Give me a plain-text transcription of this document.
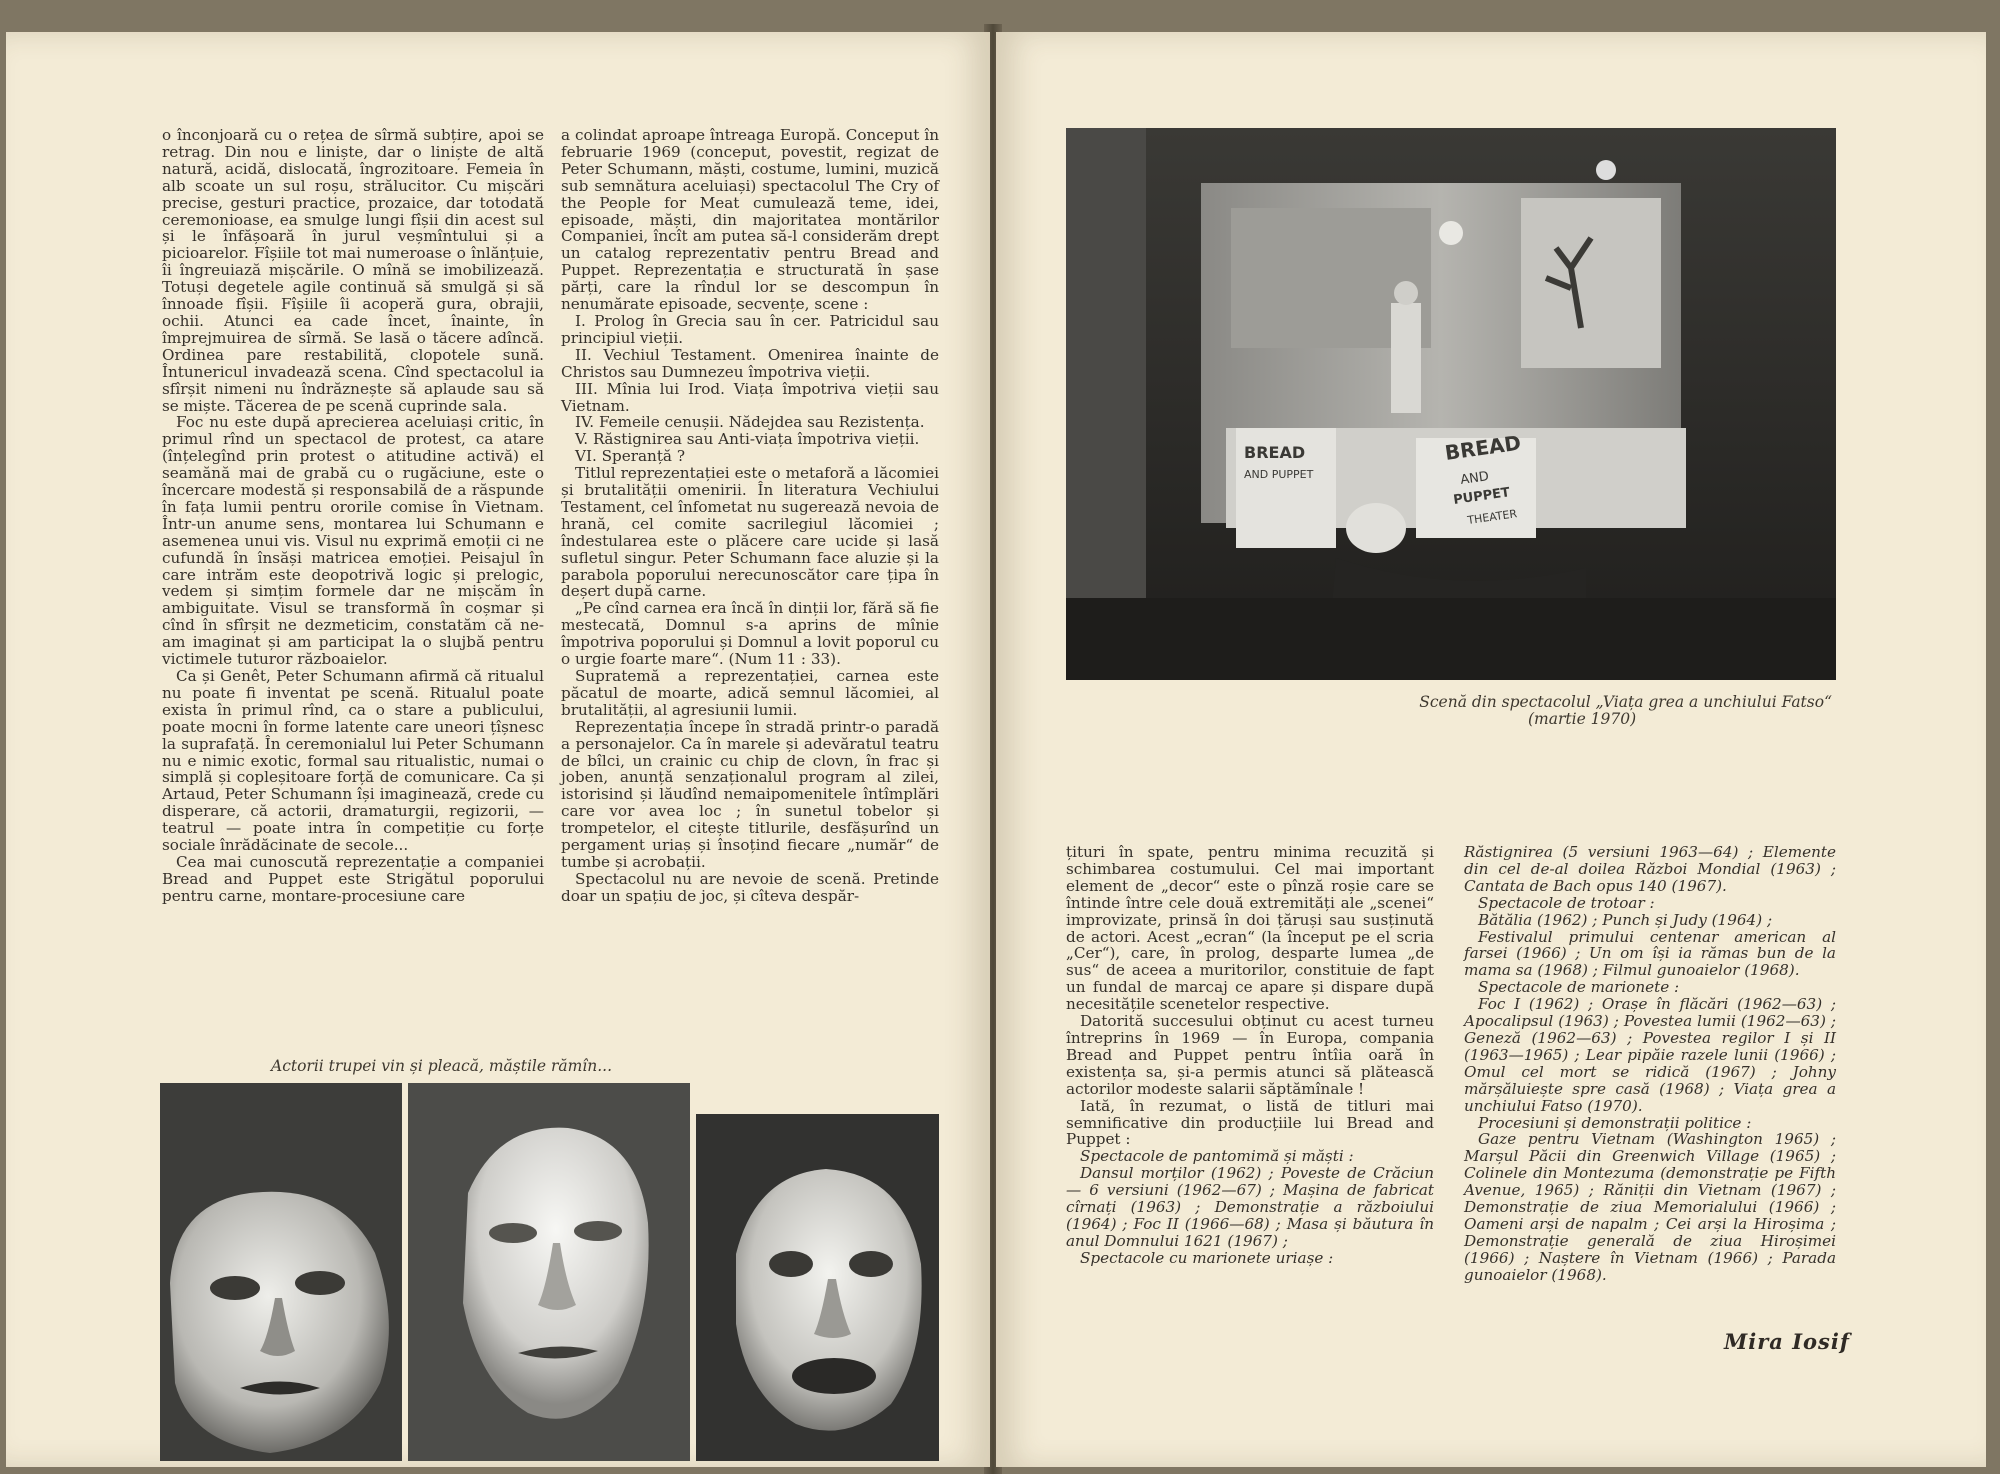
o înconjoară cu o rețea de sîrmă subțire, apoi se retrag. Din nou e liniște, dar o liniște de altă natură, acidă, dislocată, îngrozitoare. Femeia în alb scoate un sul roșu, strălucitor. Cu mișcări precise, gesturi practice, prozaice, dar totodată ceremonioase, ea smulge lungi fîșii din acest sul și le înfășoară în jurul veșmîntului și a picioarelor. Fîșiile tot mai numeroase o înlănțuie, îi îngreuiază mișcările. O mînă se imobilizează. Totuși degetele agile continuă să smulgă și să înnoade fîșii. Fîșiile îi acoperă gura, obrajii, ochii. Atunci ea cade încet, înainte, în împrejmuirea de sîrmă. Se lasă o tăcere adîncă. Ordinea pare restabilită, clopotele sună. Întunericul invadează scena. Cînd spectacolul ia sfîrșit nimeni nu îndrăznește să aplaude sau să se miște. Tăcerea de pe scenă cuprinde sala.

Foc nu este după aprecierea aceluiași critic, în primul rînd un spectacol de protest, ca atare (înțelegînd prin protest o atitudine activă) el seamănă mai de grabă cu o rugăciune, este o încercare modestă și responsabilă de a răspunde în fața lumii pentru ororile comise în Vietnam. Într-un anume sens, montarea lui Schumann e asemenea unui vis. Visul nu exprimă emoții ci ne cufundă în însăși matricea emoției. Peisajul în care intrăm este deopotrivă logic și prelogic, vedem și simțim formele dar ne mișcăm în ambiguitate. Visul se transformă în coșmar și cînd în sfîrșit ne dezmeticim, constatăm că ne-am imaginat și am participat la o slujbă pentru victimele tuturor războaielor.

Ca și Genêt, Peter Schumann afirmă că ritualul nu poate fi inventat pe scenă. Ritualul poate exista în primul rînd, ca o stare a publicului, poate mocni în forme latente care uneori țîșnesc la suprafață. În ceremonialul lui Peter Schumann nu e nimic exotic, formal sau ritualistic, numai o simplă și copleșitoare forță de comunicare. Ca și Artaud, Peter Schumann își imaginează, crede cu disperare, că actorii, dramaturgii, regizorii, — teatrul — poate intra în competiție cu forțe sociale înrădăcinate de secole...

Cea mai cunoscută reprezentație a companiei Bread and Puppet este Strigătul poporului pentru carne, montare-procesiune care

a colindat aproape întreaga Europă. Conceput în februarie 1969 (conceput, povestit, regizat de Peter Schumann, măști, costume, lumini, muzică sub semnătura aceluiași) spectacolul The Cry of the People for Meat cumulează teme, idei, episoade, măști, din majoritatea montărilor Companiei, încît am putea să-l considerăm drept un catalog reprezentativ pentru Bread and Puppet. Reprezentația e structurată în șase părți, care la rîndul lor se descompun în nenumărate episoade, secvențe, scene :

I. Prolog în Grecia sau în cer. Patricidul sau principiul vieții.

II. Vechiul Testament. Omenirea înainte de Christos sau Dumnezeu împotriva vieții.

III. Mînia lui Irod. Viața împotriva vieții sau Vietnam.

IV. Femeile cenușii. Nădejdea sau Rezistența.

V. Răstignirea sau Anti-viața împotriva vieții.

VI. Speranță ?

Titlul reprezentației este o metaforă a lăcomiei și brutalității omenirii. În literatura Vechiului Testament, cel înfometat nu sugerează nevoia de hrană, cel comite sacrilegiul lăcomiei ; îndestularea este o plăcere care ucide și lasă sufletul singur. Peter Schumann face aluzie și la parabola poporului nerecunoscător care țipa în deșert după carne.

„Pe cînd carnea era încă în dinții lor, fără să fie mestecată, Domnul s-a aprins de mînie împotriva poporului și Domnul a lovit poporul cu o urgie foarte mare“. (Num 11 : 33).

Supratemă a reprezentației, carnea este păcatul de moarte, adică semnul lăcomiei, al brutalității, al agresiunii lumii.

Reprezentația începe în stradă printr-o paradă a personajelor. Ca în marele și adevăratul teatru de bîlci, un crainic cu chip de clovn, în frac și joben, anunță senzaționalul program al zilei, istorisind și lăudînd nemaipomenitele întîmplări care vor avea loc ; în sunetul tobelor și trompetelor, el citește titlurile, desfășurînd un pergament uriaș și însoțind fiecare „număr“ de tumbe și acrobații.

Spectacolul nu are nevoie de scenă. Pretinde doar un spațiu de joc, și cîteva despăr-

Actorii trupei vin și pleacă, măștile rămîn...
BREAD
AND PUPPET
BREAD
AND
PUPPET
THEATER
Scenă din spectacolul „Viața grea a unchiului Fatso“
(martie 1970)

țituri în spate, pentru minima recuzită și schimbarea costumului. Cel mai important element de „decor“ este o pînză roșie care se întinde între cele două extremități ale „scenei“ improvizate, prinsă în doi țăruși sau susținută de actori. Acest „ecran“ (la început pe el scria „Cer“), care, în prolog, desparte lumea „de sus“ de aceea a muritorilor, constituie de fapt un fundal de marcaj ce apare și dispare după necesitățile scenetelor respective.

Datorită succesului obținut cu acest turneu întreprins în 1969 — în Europa, compania Bread and Puppet pentru întîia oară în existența sa, și-a permis atunci să plătească actorilor modeste salarii săptămînale !

Iată, în rezumat, o listă de titluri mai semnificative din producțiile lui Bread and Puppet :

Spectacole de pantomimă și măști :

Dansul morților (1962) ; Poveste de Crăciun — 6 versiuni (1962—67) ; Mașina de fabricat cîrnați (1963) ; Demonstrație a războiului (1964) ; Foc II (1966—68) ; Masa și băutura în anul Domnului 1621 (1967) ;

Spectacole cu marionete uriașe :

Răstignirea (5 versiuni 1963—64) ; Elemente din cel de-al doilea Război Mondial (1963) ; Cantata de Bach opus 140 (1967).

Spectacole de trotoar :

Bătălia (1962) ; Punch și Judy (1964) ;

Festivalul primului centenar american al farsei (1966) ; Un om își ia rămas bun de la mama sa (1968) ; Filmul gunoaielor (1968).

Spectacole de marionete :

Foc I (1962) ; Orașe în flăcări (1962—63) ; Apocalipsul (1963) ; Povestea lumii (1962—63) ; Geneză (1962—63) ; Povestea regilor I și II (1963—1965) ; Lear pipăie razele lunii (1966) ; Omul cel mort se ridică (1967) ; Johny mărșăluiește spre casă (1968) ; Viața grea a unchiului Fatso (1970).

Procesiuni și demonstrații politice :

Gaze pentru Vietnam (Washington 1965) ; Marșul Păcii din Greenwich Village (1965) ; Colinele din Montezuma (demonstrație pe Fifth Avenue, 1965) ; Răniții din Vietnam (1967) ; Demonstrație de ziua Memorialului (1966) ; Oameni arși de napalm ; Cei arși la Hiroșima ; Demonstrație generală de ziua Hiroșimei (1966) ; Naștere în Vietnam (1966) ; Parada gunoaielor (1968).

Mira Iosif
